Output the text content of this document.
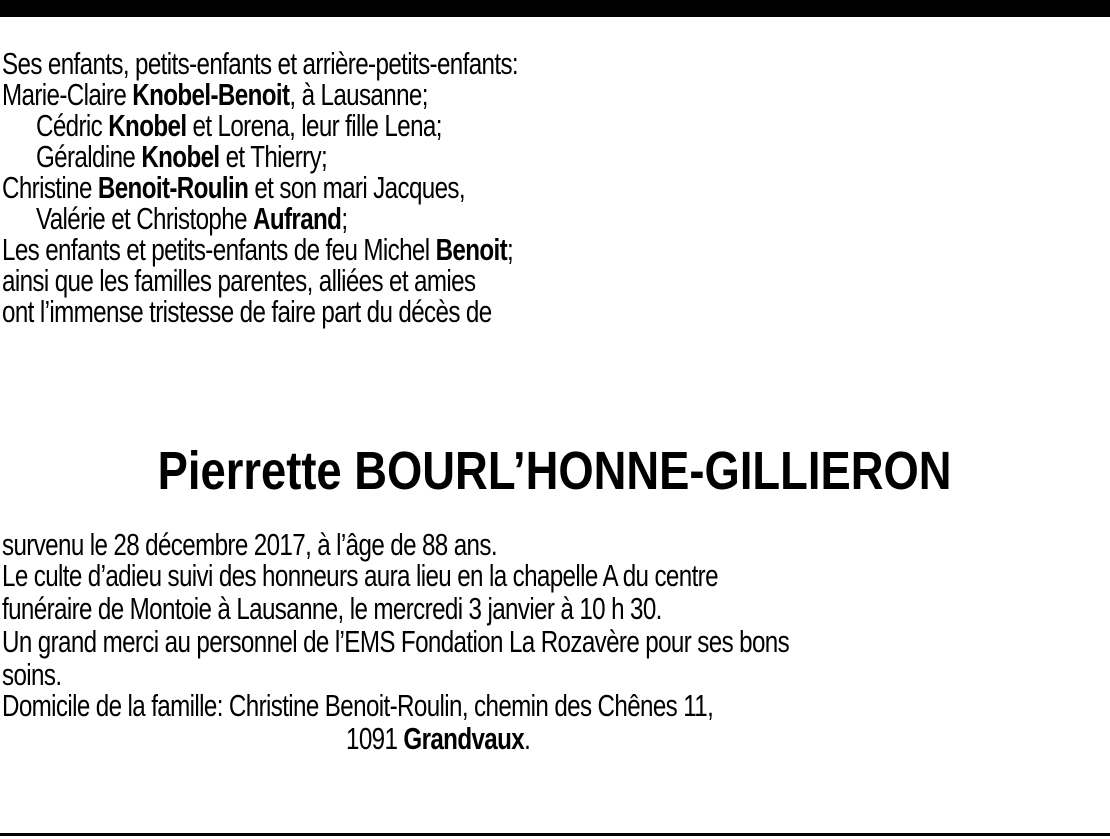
Ses enfants, petits-enfants et arrière-petits-enfants:
Marie-Claire Knobel-Benoit, à Lausanne;
Cédric Knobel et Lorena, leur fille Lena;
Géraldine Knobel et Thierry;
Christine Benoit-Roulin et son mari Jacques,
Valérie et Christophe Aufrand;
Les enfants et petits-enfants de feu Michel Benoit;
ainsi que les familles parentes, alliées et amies
ont l’immense tristesse de faire part du décès de
Pierrette BOURL’HONNE-GILLIERON
survenu le 28 décembre 2017, à l’âge de 88 ans.
Le culte d’adieu suivi des honneurs aura lieu en la chapelle A du centre
funéraire de Montoie à Lausanne, le mercredi 3 janvier à 10 h 30.
Un grand merci au personnel de l’EMS Fondation La Rozavère pour ses bons
soins.
Domicile de la famille: Christine Benoit-Roulin, chemin des Chênes 11,
1091 Grandvaux.
